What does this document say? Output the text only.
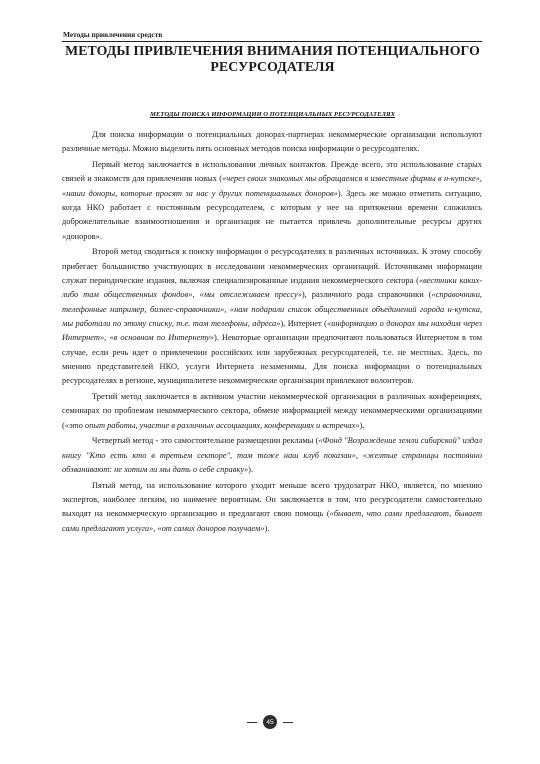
Методы привлечения средств
МЕТОДЫ ПРИВЛЕЧЕНИЯ ВНИМАНИЯ ПОТЕНЦИАЛЬНОГО
РЕСУРСОДАТЕЛЯ
МЕТОДЫ ПОИСКА ИНФОРМАЦИИ О ПОТЕНЦИАЛЬНЫХ РЕСУРСОДАТЕЛЯХ

Для поиска информации о потенциальных донорах-партнерах некоммерческие организации используют различные методы. Можно выделить пять основных методов поиска информации о ресурсодателях.

Первый метод заключается в использовании личных контактов. Прежде всего, это использование старых связей и знакомств для привлечения новых («через своих знакомых мы обращаемся в известные фирмы в н-кутске», «наши доноры, которые просят за нас у других потенциальных доноров»). Здесь же можно отметить ситуацию, когда НКО работает с постоянным ресурсодателем, с которым у нее на протяжении времени сложились доброжелательные взаимоотношения и организация не пытается привлечь дополнительные ресурсы других «доноров».

Второй метод сводиться к поиску информации о ресурсодателях в различных источниках. К этому способу прибегает большинство участвующих в исследовании некоммерческих организаций. Источниками информации служат периодические издания, включая специализированные издания некоммерческого сектора («вестники каких-либо там общественных фондов», «мы отслеживаем прессу»), различного рода справочники («справочники, телефонные например, бизнес-справочники», «нам подарили список общественных объединений города н-кутска, мы работали по этому списку, т.е. там телефоны, адреса»), Интернет («информацию о донорах мы находим через Интернет», «в основном по Интернету»). Некоторые организации предпочитают пользоваться Интернетом в том случае, если речь идет о привлечении российских или зарубежных ресурсодателей, т.е. не местных. Здесь, по мнению представителей НКО, услуги Интернета незаменимы. Для поиска информации о потенциальных ресурсодателях в регионе, муниципалитете некоммерческие организации привлекают волонтеров.

Третий метод заключается в активном участии некоммерческой организации в различных конференциях, семинарах по проблемам некоммерческого сектора, обмене информацией между некоммерческими организациями («это опыт работы, участие в различных ассоциациях, конференциях и встречах»).

Четвертый метод - это самостоятельное размещении рекламы («Фонд "Возрождение земли сибирской" издал книгу "Кто есть кто в третьем секторе", там тоже наш клуб показан», «желтые страницы постоянно обзванивают: не хотим ли мы дать о себе справку»).

Пятый метод, на использование которого уходит меньше всего трудозатрат НКО, является, по мнению экспертов, наиболее легким, но наименее вероятным. Он заключается в том, что ресурсодатели самостоятельно выходят на некоммерческую организацию и предлагают свою помощь («бывает, что сами предлагают, бывает сами предлагают услуги», «от самих доноров получаем»).

45
